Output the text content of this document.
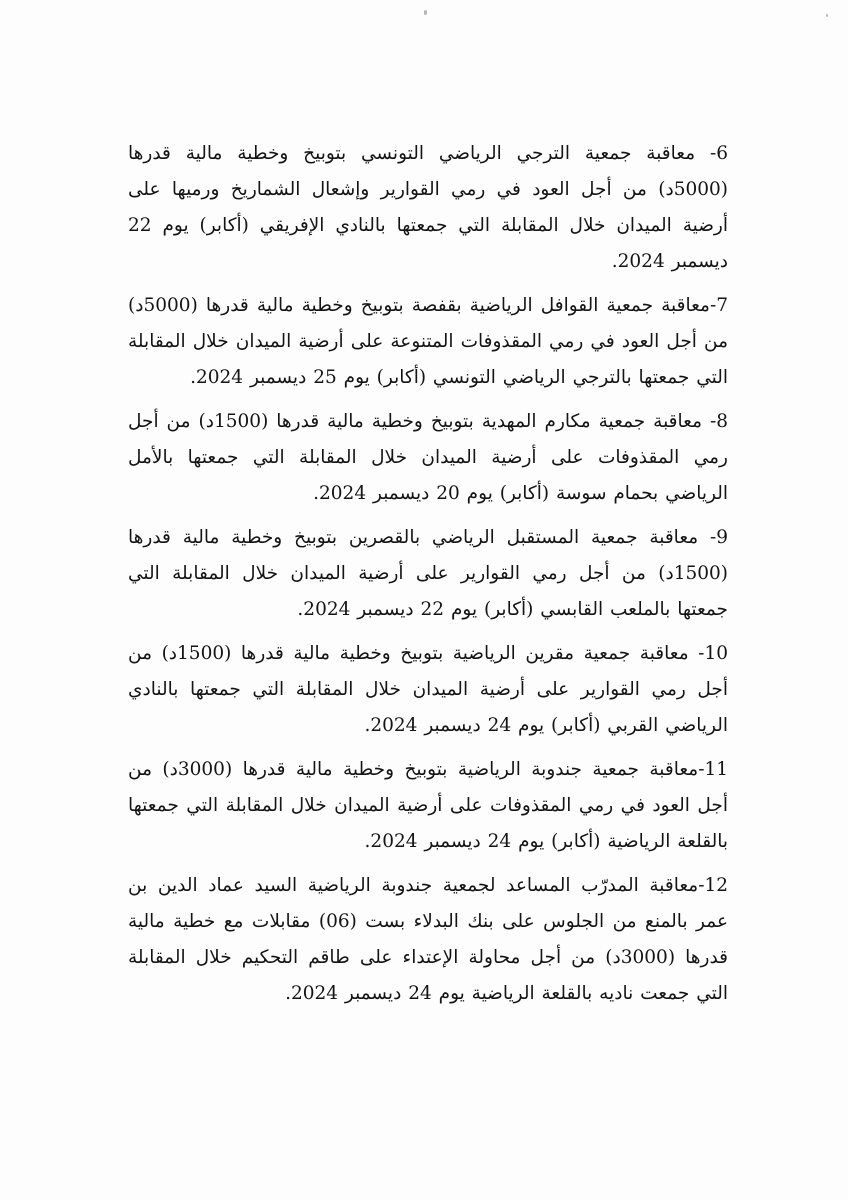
6- معاقبة جمعية الترجي الرياضي التونسي بتوبيخ وخطية مالية قدرها (5000د) من أجل العود في رمي القوارير وإشعال الشماريخ ورميها على أرضية الميدان خلال المقابلة التي جمعتها بالنادي الإفريقي (أكابر) يوم 22 ديسمبر 2024.

7-معاقبة جمعية القوافل الرياضية بقفصة بتوبيخ وخطية مالية قدرها (5000د) من أجل العود في رمي المقذوفات المتنوعة على أرضية الميدان خلال المقابلة التي جمعتها بالترجي الرياضي التونسي (أكابر) يوم 25 ديسمبر 2024.

8- معاقبة جمعية مكارم المهدية بتوبيخ وخطية مالية قدرها (1500د) من أجل رمي المقذوفات على أرضية الميدان خلال المقابلة التي جمعتها بالأمل الرياضي بحمام سوسة (أكابر) يوم 20 ديسمبر 2024.

9- معاقبة جمعية المستقبل الرياضي بالقصرين بتوبيخ وخطية مالية قدرها (1500د) من أجل رمي القوارير على أرضية الميدان خلال المقابلة التي جمعتها بالملعب القابسي (أكابر) يوم 22 ديسمبر 2024.

10- معاقبة جمعية مقرين الرياضية بتوبيخ وخطية مالية قدرها (1500د) من أجل رمي القوارير على أرضية الميدان خلال المقابلة التي جمعتها بالنادي الرياضي القربي (أكابر) يوم 24 ديسمبر 2024.

11-معاقبة جمعية جندوبة الرياضية بتوبيخ وخطية مالية قدرها (3000د) من أجل العود في رمي المقذوفات على أرضية الميدان خلال المقابلة التي جمعتها بالقلعة الرياضية (أكابر) يوم 24 ديسمبر 2024.

12-معاقبة المدرّب المساعد لجمعية جندوبة الرياضية السيد عماد الدين بن عمر بالمنع من الجلوس على بنك البدلاء بست (06) مقابلات مع خطية مالية قدرها (3000د) من أجل محاولة الإعتداء على طاقم التحكيم خلال المقابلة التي جمعت ناديه بالقلعة الرياضية يوم 24 ديسمبر 2024.
